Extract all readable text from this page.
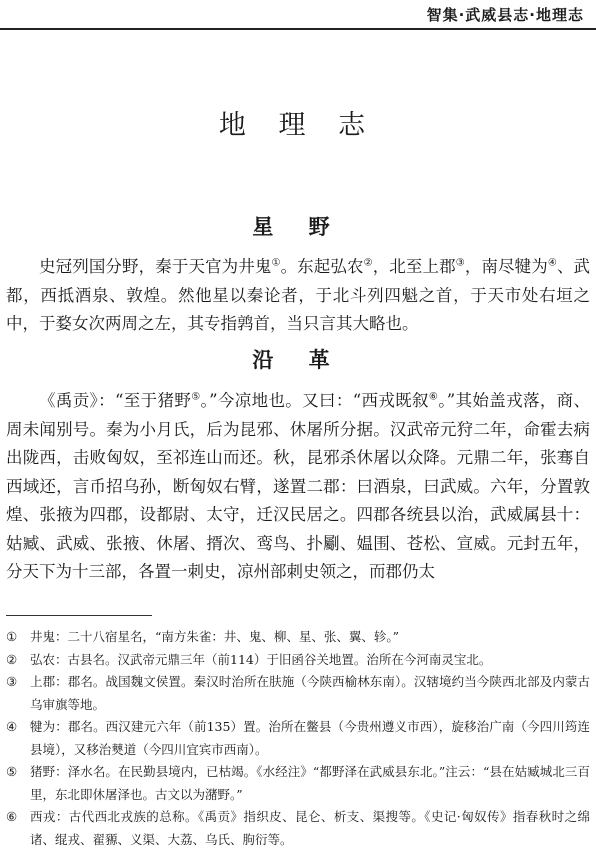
智集·武威县志·地理志
地 理 志
星 野

史冠列国分野，秦于天官为井鬼①。东起弘农②，北至上郡③，南尽犍为④、武都，西抵酒泉、敦煌。然他星以秦论者，于北斗列四魁之首，于天市处右垣之中，于婺女次两周之左，其专指鹑首，当只言其大略也。

沿 革

《禹贡》：“至于猪野⑤。”今凉地也。又曰：“西戎既叙⑥。”其始盖戎落，商、周未闻别号。秦为小月氏，后为昆邪、休屠所分据。汉武帝元狩二年，命霍去病出陇西，击败匈奴，至祁连山而还。秋，昆邪杀休屠以众降。元鼎二年，张骞自西域还，言币招乌孙，断匈奴右臂，遂置二郡：曰酒泉，曰武威。六年，分置敦煌、张掖为四郡，设都尉、太守，迁汉民居之。四郡各统县以治，武威属县十：姑臧、武威、张掖、休屠、揟次、鸾鸟、扑劚、媪围、苍松、宣威。元封五年，分天下为十三部，各置一刺史，凉州部刺史领之，而郡仍太

①	井鬼：二十八宿星名，“南方朱雀：井、鬼、柳、星、张、翼、轸。”
②	弘农：古县名。汉武帝元鼎三年（前114）于旧函谷关地置。治所在今河南灵宝北。
③	上郡：郡名。战国魏文侯置。秦汉时治所在肤施（今陕西榆林东南）。汉辖境约当今陕西北部及内蒙古乌审旗等地。
④	犍为：郡名。西汉建元六年（前135）置。治所在鳖县（今贵州遵义市西），旋移治广南（今四川筠连县境），又移治僰道（今四川宜宾市西南）。
⑤	猪野：泽水名。在民勤县境内，已枯竭。《水经注》“都野泽在武威县东北。”注云：“县在姑臧城北三百里，东北即休屠泽也。古文以为潴野。”
⑥	西戎：古代西北戎族的总称。《禹贡》指织皮、昆仑、析支、渠搜等。《史记·匈奴传》指春秋时之绵诸、绲戎、翟豲、义渠、大荔、乌氏、朐衍等。
